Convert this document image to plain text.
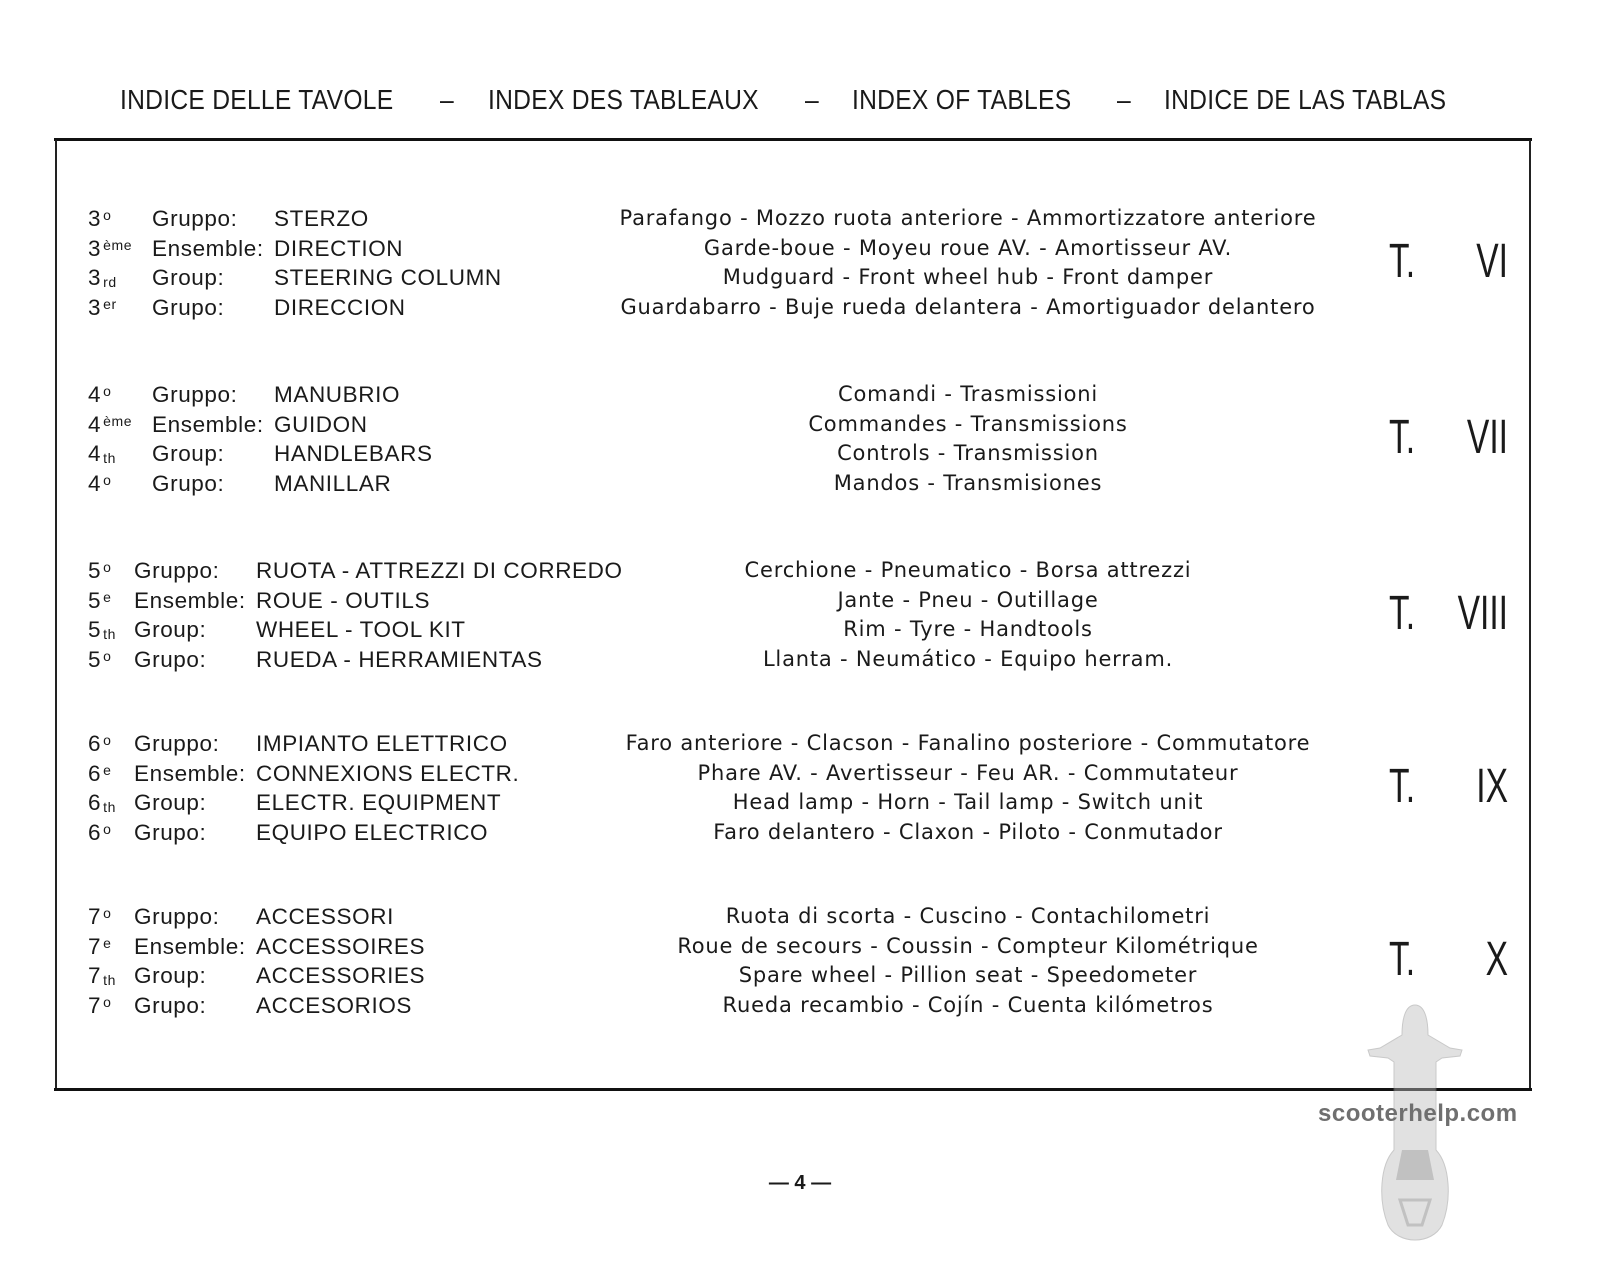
INDICE DELLE TAVOLE – INDEX DES TABLEAUX – INDEX OF TABLES – INDICE DE LAS TABLAS
3 $^o$ Gruppo: STERZO	Parafango - Mozzo ruota anteriore - Ammortizzatore anteriore
3 $^{ème}$ Ensemble: DIRECTION	Garde-boue - Moyeu roue AV. - Amortisseur AV.
3 $_{rd}$ Group: STEERING COLUMN	Mudguard - Front wheel hub - Front damper
3 $^{er}$ Grupo: DIRECCION	Guardabarro - Buje rueda delantera - Amortiguador delantero
T. VI
4 $^o$ Gruppo: MANUBRIO	Comandi - Trasmissioni
4 $^{ème}$ Ensemble: GUIDON	Commandes - Transmissions
4 $_{th}$ Group: HANDLEBARS	Controls - Transmission
4 $^o$ Grupo: MANILLAR	Mandos - Transmisiones
T. VII
5 $^o$ Gruppo: RUOTA - ATTREZZI DI CORREDO	Cerchione - Pneumatico - Borsa attrezzi
5 $^e$ Ensemble: ROUE - OUTILS	Jante - Pneu - Outillage
5 $_{th}$ Group: WHEEL - TOOL KIT	Rim - Tyre - Handtools
5 $^o$ Grupo: RUEDA - HERRAMIENTAS	Llanta - Neumático - Equipo herram.
T. VIII
6 $^o$ Gruppo: IMPIANTO ELETTRICO	Faro anteriore - Clacson - Fanalino posteriore - Commutatore
6 $^e$ Ensemble: CONNEXIONS ELECTR.	Phare AV. - Avertisseur - Feu AR. - Commutateur
6 $_{th}$ Group: ELECTR. EQUIPMENT	Head lamp - Horn - Tail lamp - Switch unit
6 $^o$ Grupo: EQUIPO ELECTRICO	Faro delantero - Claxon - Piloto - Conmutador
T. IX
7 $^o$ Gruppo: ACCESSORI	Ruota di scorta - Cuscino - Contachilometri
7 $^e$ Ensemble: ACCESSOIRES	Roue de secours - Coussin - Compteur Kilométrique
7 $_{th}$ Group: ACCESSORIES	Spare wheel - Pillion seat - Speedometer
7 $^o$ Grupo: ACCESORIOS	Rueda recambio - Cojín - Cuenta kilómetros
T. X
— 4 —
scooterhelp.com
